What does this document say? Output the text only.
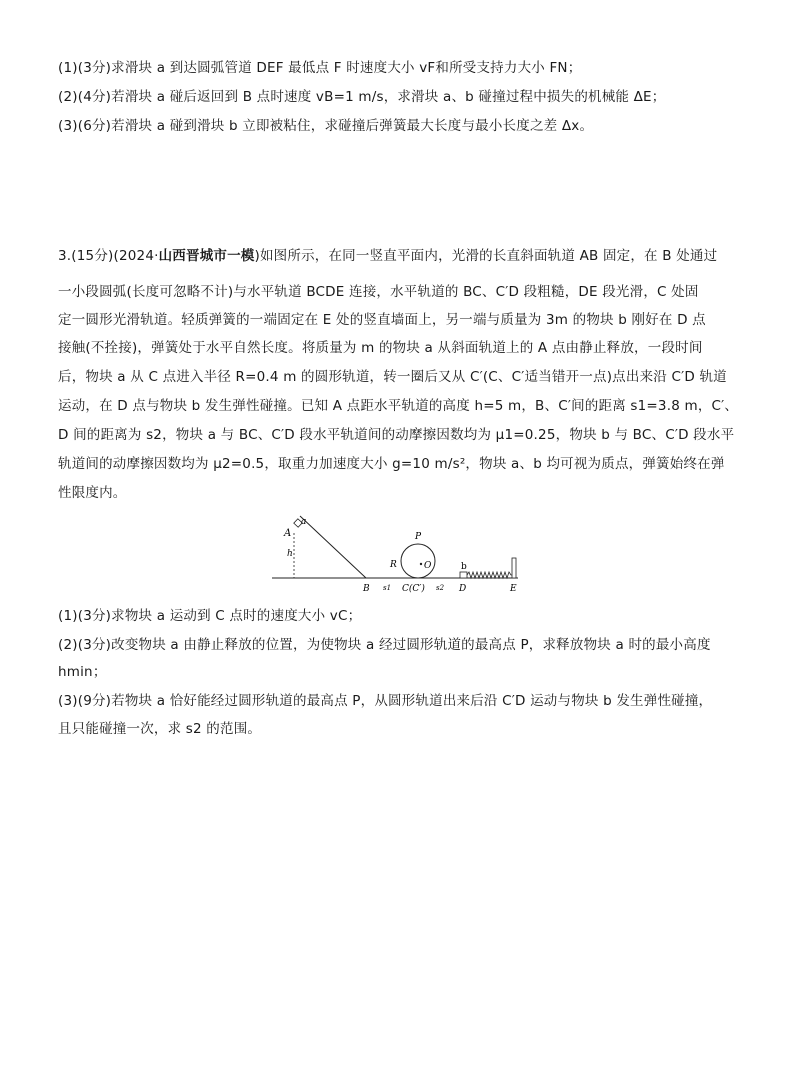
(1)(3分)求滑块 a 到达圆弧管道 DEF 最低点 F 时速度大小 vF和所受支持力大小 FN；
(2)(4分)若滑块 a 碰后返回到 B 点时速度 vB=1 m/s，求滑块 a、b 碰撞过程中损失的机械能 ΔE；
(3)(6分)若滑块 a 碰到滑块 b 立即被粘住，求碰撞后弹簧最大长度与最小长度之差 Δx。
3.(15分)(2024·山西晋城市一模)如图所示，在同一竖直平面内，光滑的长直斜面轨道 AB 固定，在 B 处通过
一小段圆弧(长度可忽略不计)与水平轨道 BCDE 连接，水平轨道的 BC、C′D 段粗糙，DE 段光滑，C 处固
定一圆形光滑轨道。轻质弹簧的一端固定在 E 处的竖直墙面上，另一端与质量为 3m 的物块 b 刚好在 D 点
接触(不拴接)，弹簧处于水平自然长度。将质量为 m 的物块 a 从斜面轨道上的 A 点由静止释放，一段时间
后，物块 a 从 C 点进入半径 R=0.4 m 的圆形轨道，转一圈后又从 C′(C、C′适当错开一点)点出来沿 C′D 轨道
运动，在 D 点与物块 b 发生弹性碰撞。已知 A 点距水平轨道的高度 h=5 m，B、C′间的距离 s1=3.8 m，C′、
D 间的距离为 s2，物块 a 与 BC、C′D 段水平轨道间的动摩擦因数均为 μ1=0.25，物块 b 与 BC、C′D 段水平
轨道间的动摩擦因数均为 μ2=0.5，取重力加速度大小 g=10 m/s²，物块 a、b 均可视为质点，弹簧始终在弹
性限度内。
a
A
h
P
R	O	b
B s1 C(C′) s2 D	E
(1)(3分)求物块 a 运动到 C 点时的速度大小 vC；
(2)(3分)改变物块 a 由静止释放的位置，为使物块 a 经过圆形轨道的最高点 P，求释放物块 a 时的最小高度
hmin；
(3)(9分)若物块 a 恰好能经过圆形轨道的最高点 P，从圆形轨道出来后沿 C′D 运动与物块 b 发生弹性碰撞，
且只能碰撞一次，求 s2 的范围。
